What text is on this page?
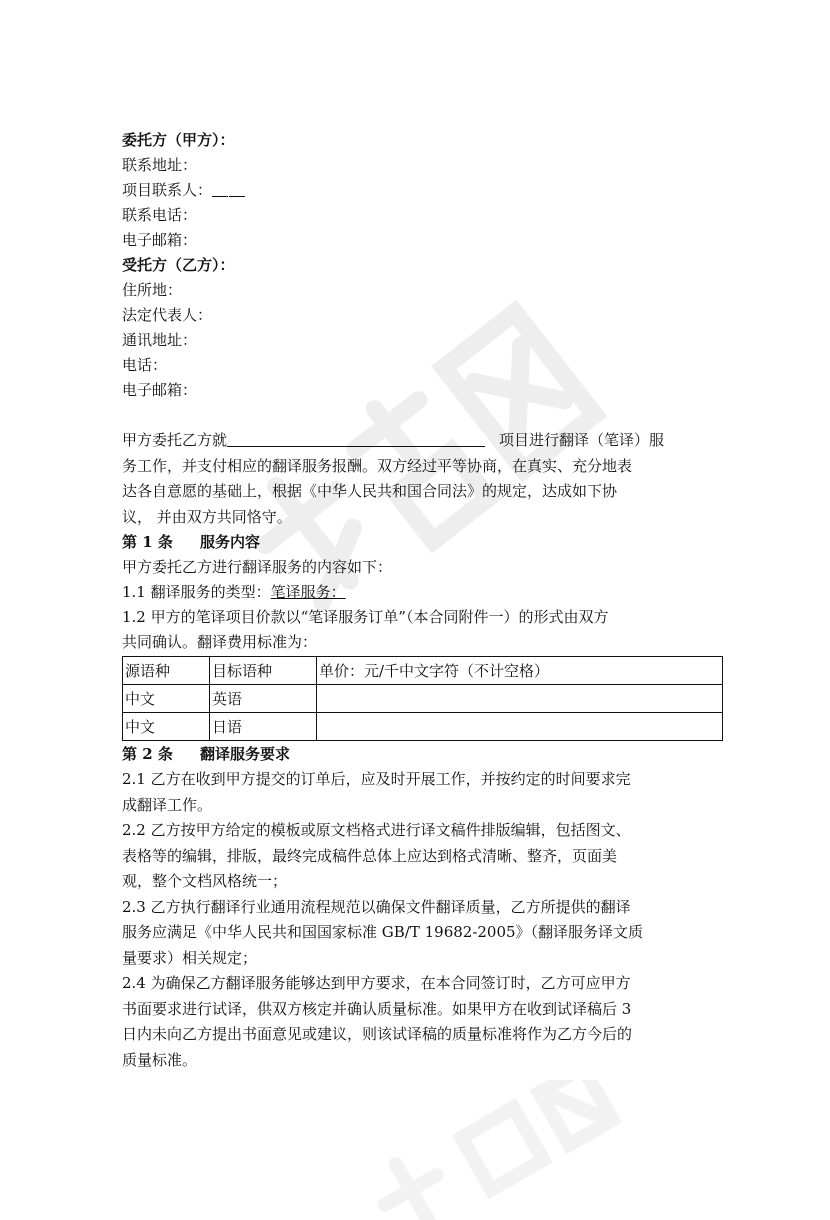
委托方（甲方）：
联系地址：
项目联系人：
联系电话：
电子邮箱：
受托方（乙方）：
住所地：
法定代表人：
通讯地址：
电话：
电子邮箱：
甲方委托乙方就	项目进行翻译（笔译）服
务工作，并支付相应的翻译服务报酬。双方经过平等协商，在真实、充分地表
达各自意愿的基础上，根据《中华人民共和国合同法》的规定，达成如下协
议， 并由双方共同恪守。
第 1 条 服务内容
甲方委托乙方进行翻译服务的内容如下：
1.1 翻译服务的类型：笔译服务：
1.2 甲方的笔译项目价款以“笔译服务订单”（本合同附件一）的形式由双方
共同确认。翻译费用标准为：
源语种	目标语种	单价：元/千中文字符（不计空格）
中文	英语	
中文	日语	
第 2 条 翻译服务要求
2.1 乙方在收到甲方提交的订单后，应及时开展工作，并按约定的时间要求完
成翻译工作。
2.2 乙方按甲方给定的模板或原文档格式进行译文稿件排版编辑，包括图文、
表格等的编辑，排版，最终完成稿件总体上应达到格式清晰、整齐，页面美
观，整个文档风格统一；
2.3 乙方执行翻译行业通用流程规范以确保文件翻译质量，乙方所提供的翻译
服务应满足《中华人民共和国国家标准 GB/T 19682-2005》（翻译服务译文质
量要求）相关规定；
2.4 为确保乙方翻译服务能够达到甲方要求，在本合同签订时，乙方可应甲方
书面要求进行试译，供双方核定并确认质量标准。如果甲方在收到试译稿后 3
日内未向乙方提出书面意见或建议，则该试译稿的质量标准将作为乙方今后的
质量标准。
